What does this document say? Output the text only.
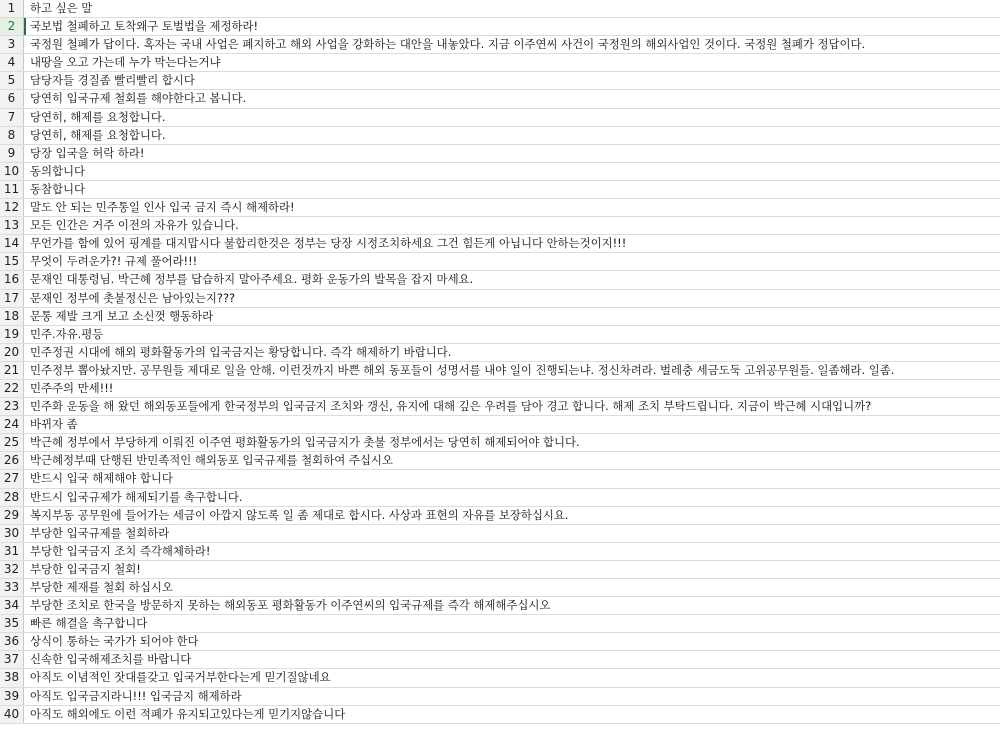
1	하고 싶은 말
2	국보법 철폐하고 토착왜구 토벌법을 제정하라!
3	국정원 철폐가 답이다. 혹자는 국내 사업은 폐지하고 해외 사업을 강화하는 대안을 내놓았다. 지금 이주연씨 사건이 국정원의 해외사업인 것이다. 국정원 철폐가 정답이다.
4	내땅을 오고 가는데 누가 막는다는거냐
5	담당자들 경질좀 빨리빨리 합시다
6	당연히 입국규제 철회를 해야한다고 봅니다.
7	당연히, 해제를 요청합니다.
8	당연히, 해제를 요청합니다.
9	당장 입국을 허락 하라!
10 동의합니다
11 동참합니다
12 말도 안 되는 민주통일 인사 입국 금지 즉시 해제하라!
13 모든 인간은 거주 이전의 자유가 있습니다.
14 무언가를 함에 있어 핑계를 대지맙시다 불합리한것은 정부는 당장 시정조치하세요 그건 힘든게 아닙니다 안하는것이지!!!
15 무엇이 두려운가?! 규제 풀어라!!!
16 문재인 대통령님. 박근혜 정부를 답습하지 말아주세요. 평화 운동가의 발목을 잡지 마세요.
17 문재인 정부에 촛불정신은 남아있는지???
18 문통 제발 크게 보고 소신껏 행동하라
19 민주.자유.평등
20 민주정권 시대에 해외 평화활동가의 입국금지는 황당합니다. 즉각 해제하기 바랍니다.
21 민주정부 뽑아놨지만. 공무원들 제대로 일을 안해. 이런것까지 바쁜 해외 동포들이 성명서를 내야 일이 진행되는냐. 정신차려라. 벌레충 세금도둑 고위공무원들. 일좀해라. 일좀.
22 민주주의 만세!!!
23 민주화 운동을 해 왔던 해외동포들에게 한국정부의 입국금지 조치와 갱신, 유지에 대해 깊은 우려를 담아 경고 합니다. 해제 조치 부탁드립니다. 지금이 박근혜 시대입니까?
24 바뀌자 좀
25 박근혜 정부에서 부당하게 이뤄진 이주연 평화활동가의 입국금지가 촛불 정부에서는 당연히 해제되어야 합니다.
26 박근혜정부때 단행된 반민족적인 해외동포 입국규제를 철회하여 주십시오
27 반드시 입국 해제해야 합니다
28 반드시 입국규제가 해제되기를 촉구합니다.
29 복지부동 공무원에 들어가는 세금이 아깝지 않도록 일 좀 제대로 합시다. 사상과 표현의 자유를 보장하십시요.
30 부당한 입국규제를 철회하라
31 부당한 입국금지 조치 즉각해체하라!
32 부당한 입국금지 철회!
33 부당한 제재를 철회 하십시오
34 부당한 조치로 한국을 방문하지 못하는 해외동포 평화활동가 이주연씨의 입국규제를 즉각 해제해주십시오
35 빠른 해결을 촉구합니다
36 상식이 통하는 국가가 되어야 한다
37 신속한 입국해제조치를 바랍니다
38 아직도 이념적인 잣대를갖고 입국거부한다는게 믿기질않네요
39 아직도 입국금지라니!!! 입국금지 해제하라
40 아직도 해외에도 이런 적폐가 유지되고있다는게 믿기지않습니다
